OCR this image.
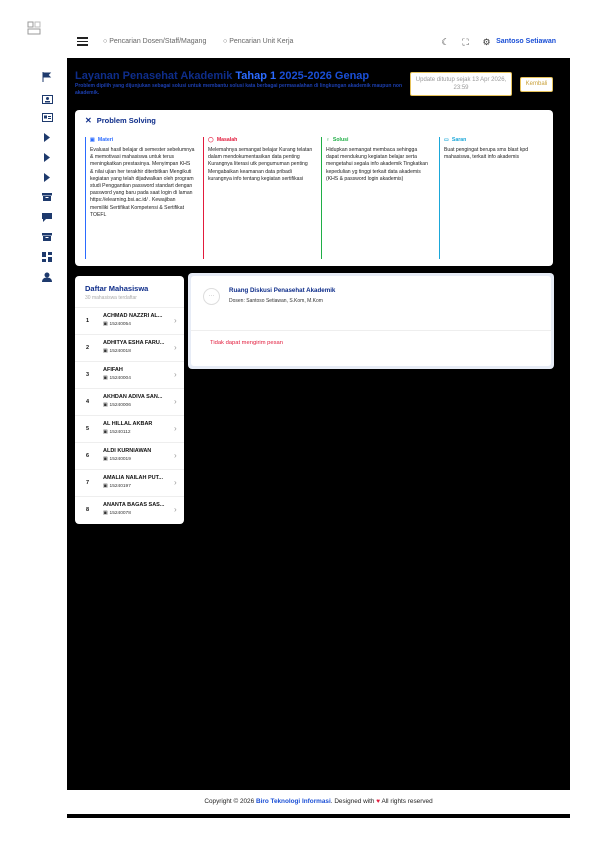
○ Pencarian Dosen/Staff/Magang ○ Pencarian Unit Kerja	☾ ⛶ ⚙ Santoso Setiawan
Layanan Penasehat Akademik Tahap 1 2025-2026 Genap

Problem dipilih yang dijunjukan sebagai solusi untuk membantu solusi kata berbagai permasalahan di lingkungan akademik maupun non akademik.

Update ditutup sejak 13 Apr 2026, 23:59
Kembali
✕ Problem Solving
▣ Materi
Evaluasi hasil belajar di semester sebelumnya & memotivasi mahasiswa untuk terus meningkatkan prestasinya. Menyimpan KHS & nilai ujian her terakhir diterbitkan Mengikuti kegiatan yang telah dijadwalkan oleh program studi Penggantian password standart dengan password yang baru pada saat login di laman https://elearning.bsi.ac.id/ . Kewajiban memiliki Sertifikat Kompetensi & Sertifikat TOEFL
◯ Masalah
Melemahnya semangat belajar Kurang telatan dalam mendokumentasikan data penting Kurangnya literasi utk pengumuman penting Mengabaikan keamanan data pribadi kurangnya info tentang kegiatan sertifikasi
♀ Solusi
Hidupkan semangat membaca sehingga dapat mendukung kegiatan belajar serta mengetahui segala info akademik Tingkatkan kepedulian yg tinggi terkait data akademis (KHS & password login akademis)
▭ Saran
Buat pengingat berupa sms blast kpd mahasiswa, terkait info akademis
Daftar Mahasiswa
30 mahasiswa terdaftar
1
ACHMAD NAZZRI AL...
▣ 15240054	›
2
ADHITYA ESHA FARU...
▣ 15240018	›
3
AFIFAH
▣ 15240004	›
4
AKHDAN ADIVA SAN...
▣ 15240006	›
5
AL HILLAL AKBAR
▣ 15240112	›
6
ALDI KURNIAWAN
▣ 15240019	›
7
AMALIA NAILAH PUT...
▣ 15240197	›
8
ANANTA BAGAS SAS...
▣ 15240078	›
···
Ruang Diskusi Penasehat Akademik
Dosen: Santoso Setiawan, S.Kom, M.Kom
Tidak dapat mengirim pesan
Copyright © 2026 Biro Teknologi Informasi. Designed with ♥ All rights reserved
